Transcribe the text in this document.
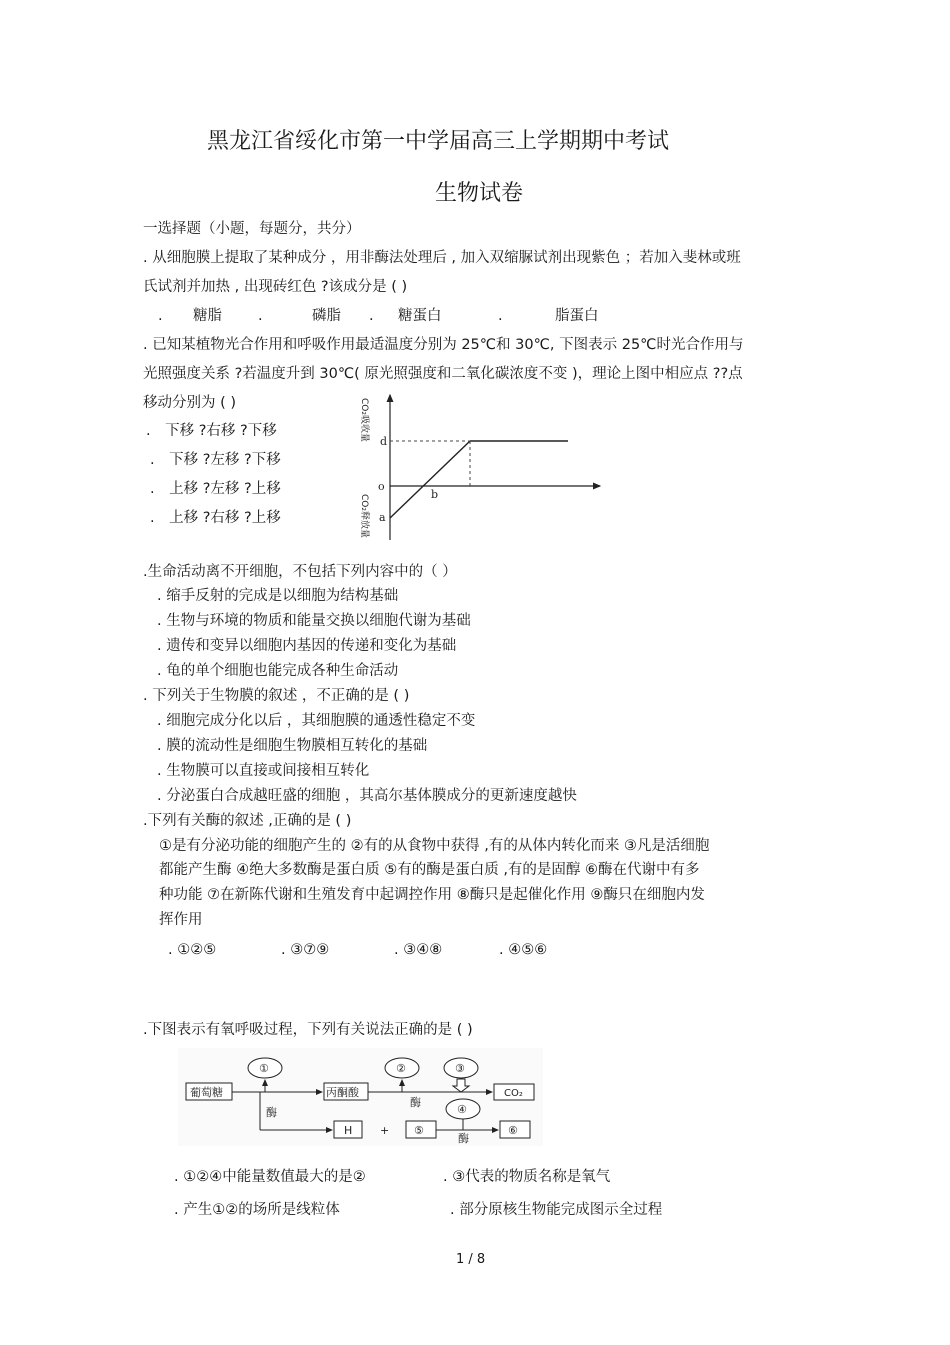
黑龙江省绥化市第一中学届高三上学期期中考试
生物试卷
一选择题（小题，每题分，共分）
. 从细胞膜上提取了某种成分 ，用非酶法处理后 , 加入双缩脲试剂出现紫色 ；若加入斐林或班
氏试剂并加热 , 出现砖红色 ?该成分是 ( )
. 糖脂 .	磷脂 . 糖蛋白	.	脂蛋白
. 已知某植物光合作用和呼吸作用最适温度分别为 25℃和 30℃, 下图表示 25℃时光合作用与
光照强度关系 ?若温度升到 30℃( 原光照强度和二氧化碳浓度不变 )，理论上图中相应点 ??点
移动分别为 ( )
.　下移 ?右移 ?下移
.　下移 ?左移 ?下移
.　上移 ?左移 ?上移
.　上移 ?右移 ?上移
d
o
b
a
CO₂吸收量
CO₂释放量
.生命活动离不开细胞，不包括下列内容中的（ ）
. 缩手反射的完成是以细胞为结构基础
. 生物与环境的物质和能量交换以细胞代谢为基础
. 遗传和变异以细胞内基因的传递和变化为基础
. 龟的单个细胞也能完成各种生命活动
. 下列关于生物膜的叙述 ，不正确的是 ( )
. 细胞完成分化以后 ，其细胞膜的通透性稳定不变
. 膜的流动性是细胞生物膜相互转化的基础
. 生物膜可以直接或间接相互转化
. 分泌蛋白合成越旺盛的细胞 ，其高尔基体膜成分的更新速度越快
.下列有关酶的叙述 ,正确的是 ( )
①是有分泌功能的细胞产生的 ②有的从食物中获得 ,有的从体内转化而来 ③凡是活细胞
都能产生酶 ④绝大多数酶是蛋白质 ⑤有的酶是蛋白质 ,有的是固醇 ⑥酶在代谢中有多
种功能 ⑦在新陈代谢和生殖发育中起调控作用 ⑧酶只是起催化作用 ⑨酶只在细胞内发
挥作用
. ①②⑤	. ③⑦⑨	. ③④⑧	. ④⑤⑥
.下图表示有氧呼吸过程，下列有关说法正确的是 ( )
葡萄糖	丙酮酸	CO₂
H	⑤	⑥
①	②	③
④
酶
酶
酶
+
. ①②④中能量数值最大的是②	. ③代表的物质名称是氧气
. 产生①②的场所是线粒体	. 部分原核生物能完成图示全过程
1 / 8
